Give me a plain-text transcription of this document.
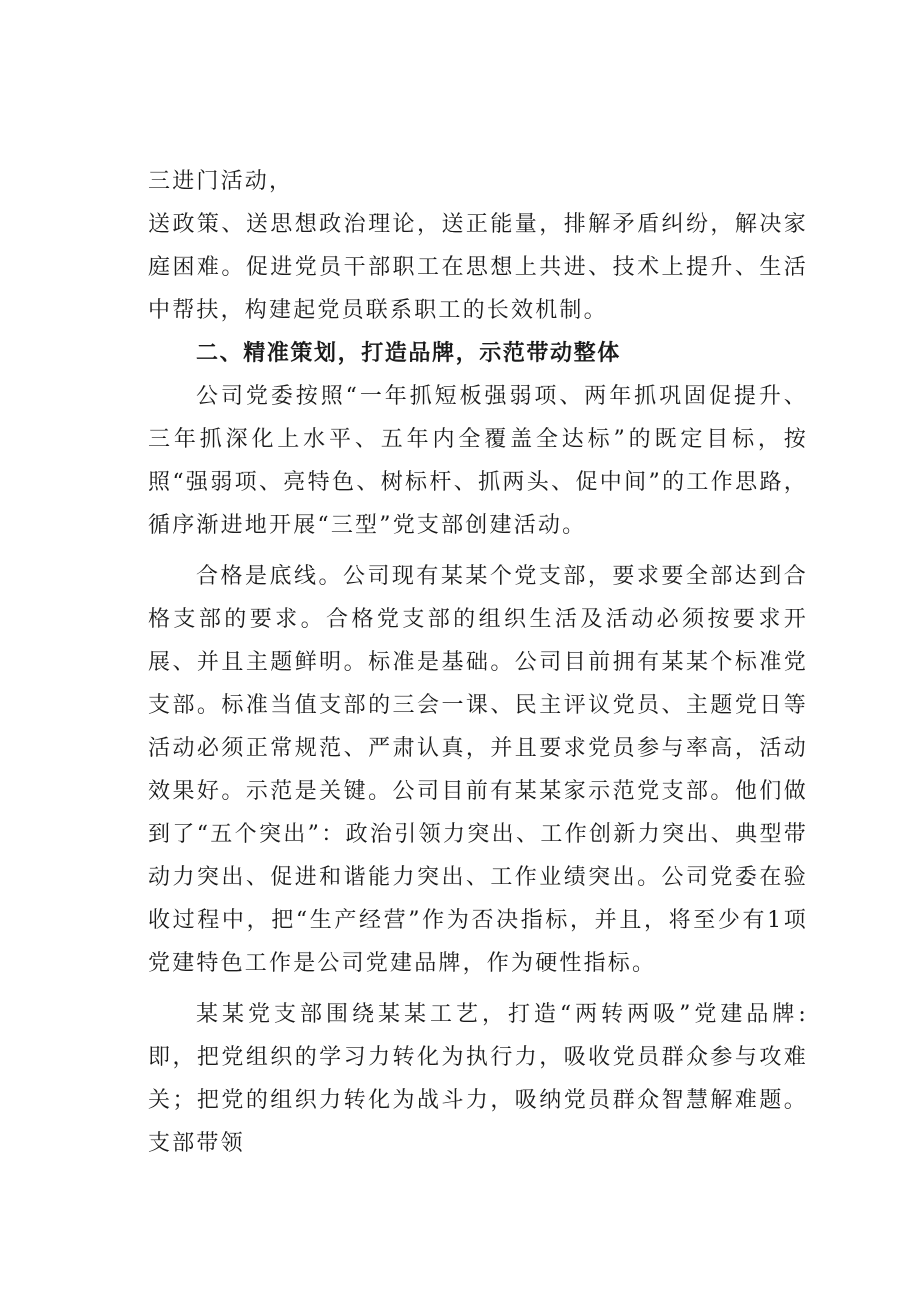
三进门活动，

送政策、送思想政治理论，送正能量，排解矛盾纠纷，解决家庭困难。促进党员干部职工在思想上共进、技术上提升、生活中帮扶，构建起党员联系职工的长效机制。

二、精准策划，打造品牌，示范带动整体

公司党委按照“一年抓短板强弱项、两年抓巩固促提升、三年抓深化上水平、五年内全覆盖全达标”的既定目标，按照“强弱项、亮特色、树标杆、抓两头、促中间”的工作思路，循序渐进地开展“三型”党支部创建活动。

合格是底线。公司现有某某个党支部，要求要全部达到合格支部的要求。合格党支部的组织生活及活动必须按要求开展、并且主题鲜明。标准是基础。公司目前拥有某某个标准党支部。标准当值支部的三会一课、民主评议党员、主题党日等活动必须正常规范、严肃认真，并且要求党员参与率高，活动效果好。示范是关键。公司目前有某某家示范党支部。他们做到了“五个突出”：政治引领力突出、工作创新力突出、典型带动力突出、促进和谐能力突出、工作业绩突出。公司党委在验收过程中，把“生产经营”作为否决指标，并且，将至少有1项党建特色工作是公司党建品牌，作为硬性指标。

某某党支部围绕某某工艺，打造“两转两吸”党建品牌:即，把党组织的学习力转化为执行力，吸收党员群众参与攻难关；把党的组织力转化为战斗力，吸纳党员群众智慧解难题。支部带领
